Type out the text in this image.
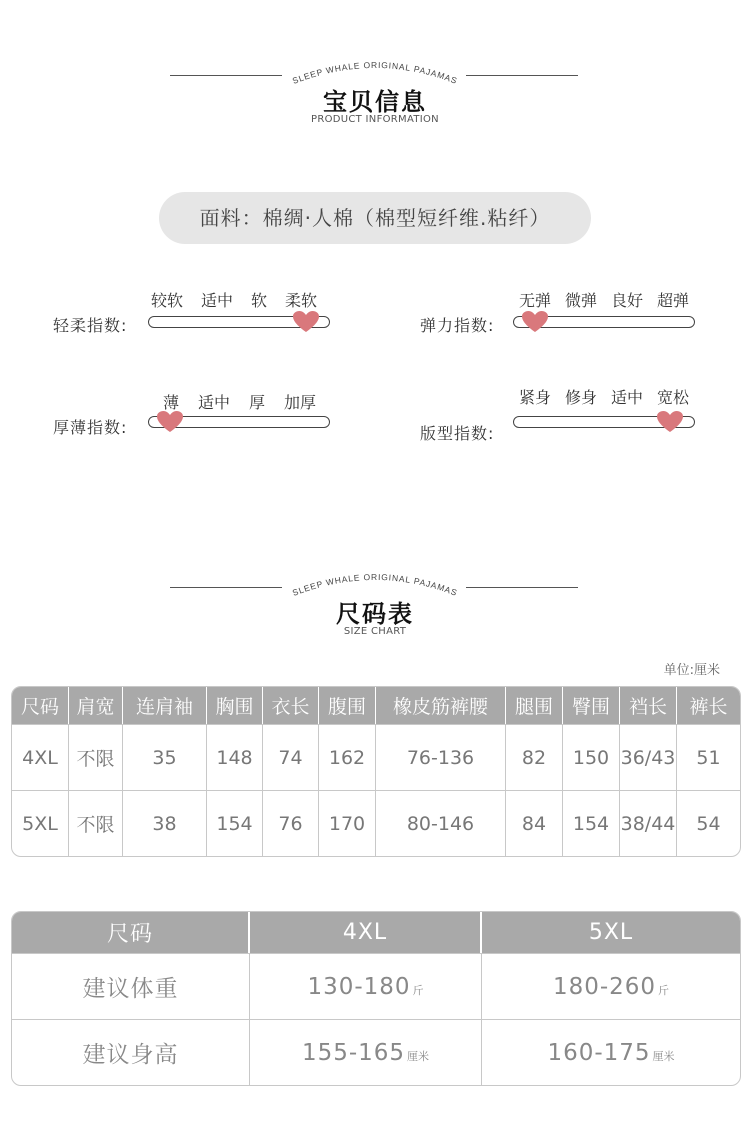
SLEEP WHALE ORIGINAL PAJAMAS
宝贝信息
PRODUCT INFORMATION
面料：棉绸·人棉（棉型短纤维.粘纤）
较软 适中 软 柔软
轻柔指数:
无弹 微弹 良好 超弹
弹力指数:
薄 适中 厚 加厚
厚薄指数:
紧身 修身 适中 宽松
版型指数:
SLEEP WHALE ORIGINAL PAJAMAS
尺码表
SIZE CHART
单位:厘米
尺码	肩宽	连肩袖	胸围	衣长	腹围	橡皮筋裤腰	腿围	臀围	裆长	裤长
4XL	不限	35	148	74	162	76-136	82	150	36/43	51
5XL	不限	38	154	76	170	80-146	84	154	38/44	54
尺码	4XL	5XL
建议体重	130-180 斤	180-260 斤
建议身高	155-165 厘米	160-175 厘米
